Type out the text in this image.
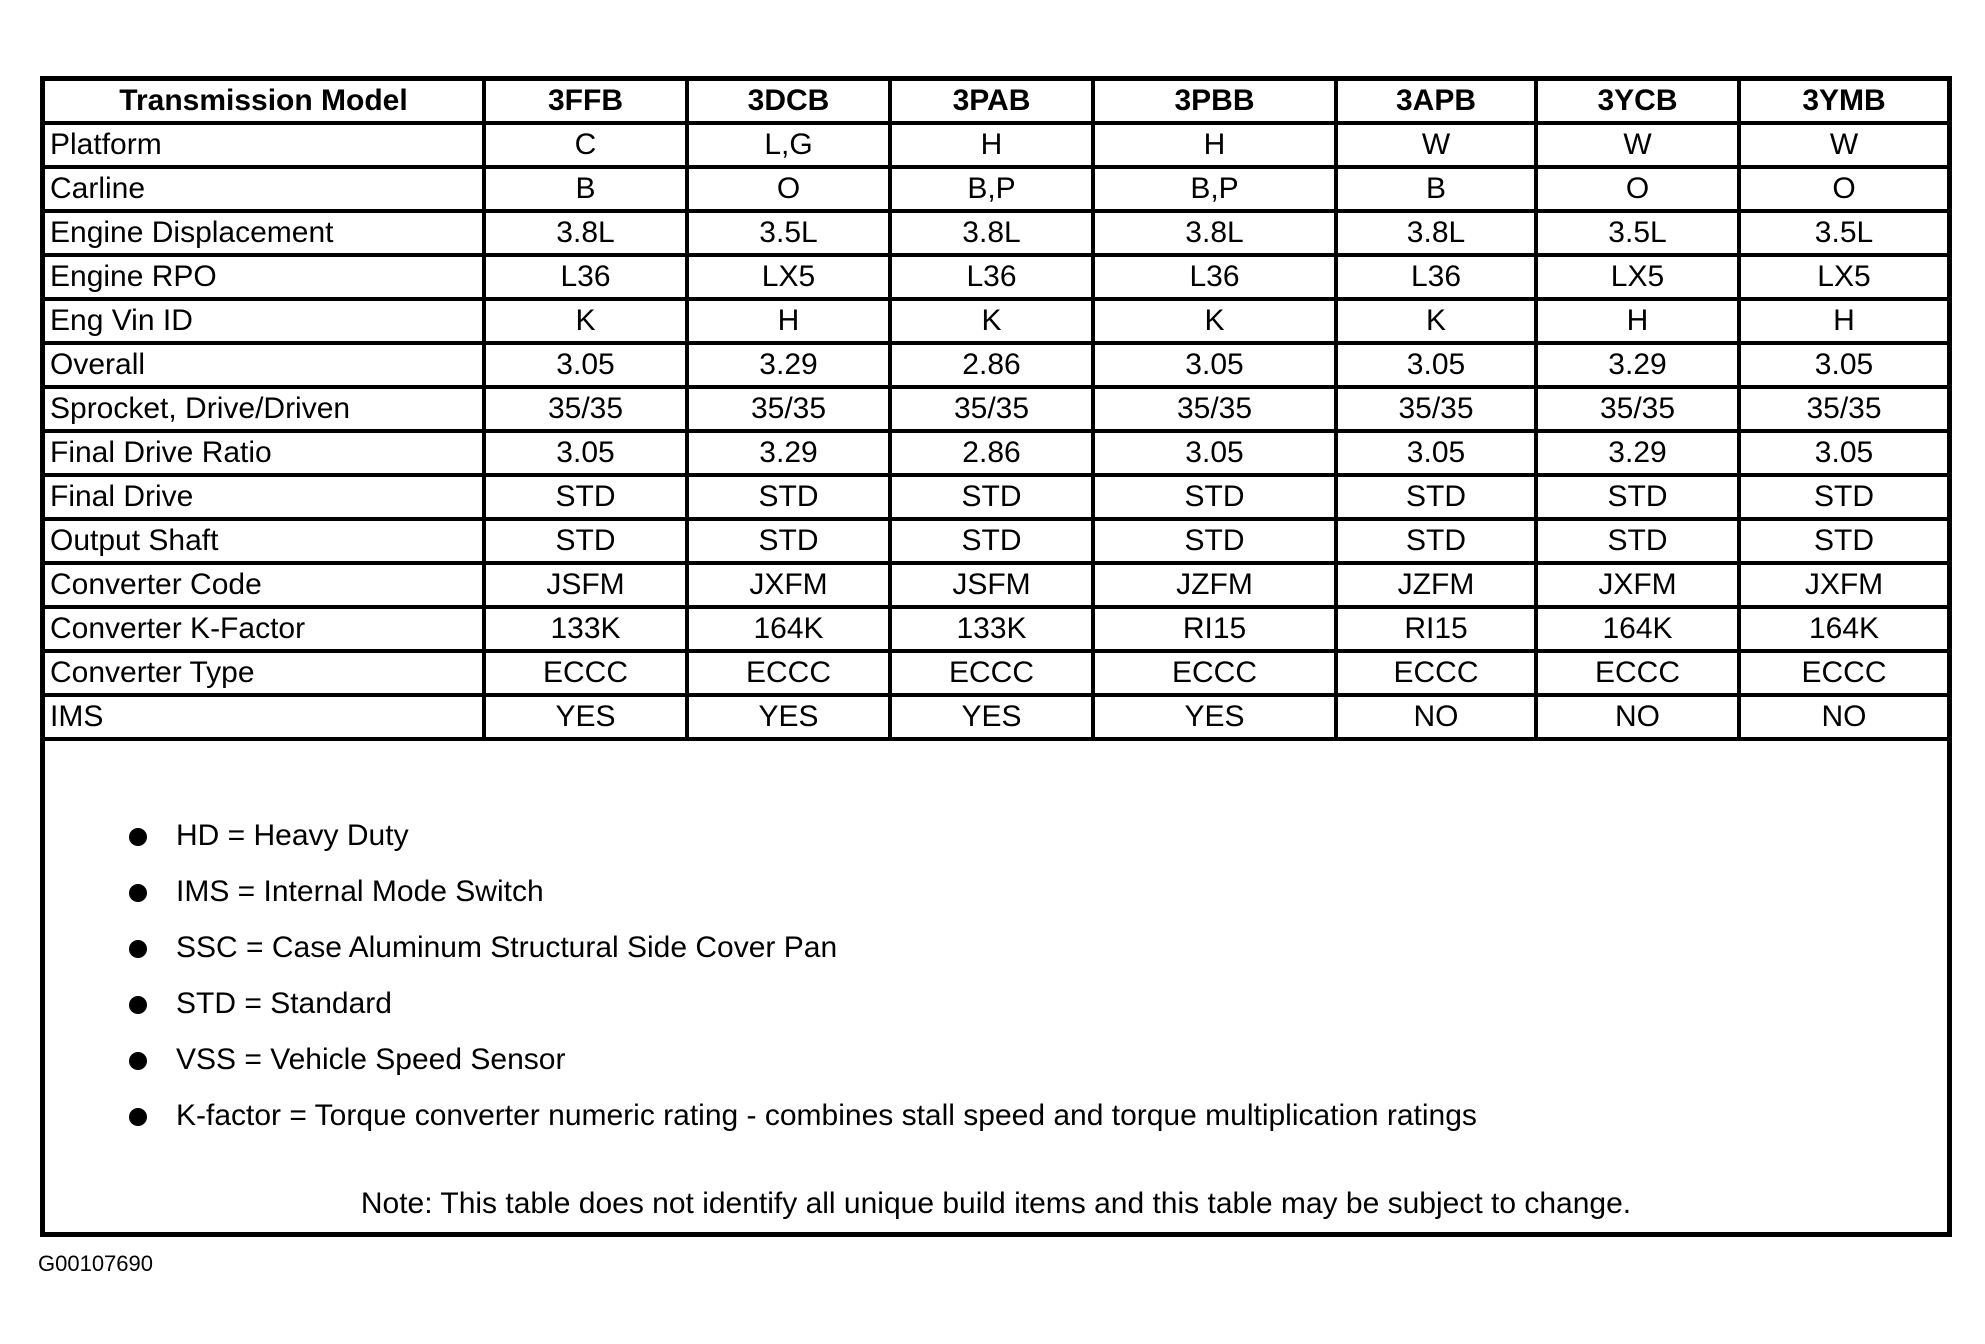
Transmission Model	3FFB	3DCB	3PAB	3PBB	3APB	3YCB	3YMB
Platform	C	L,G	H	H	W	W	W
Carline	B	O	B,P	B,P	B	O	O
Engine Displacement	3.8L	3.5L	3.8L	3.8L	3.8L	3.5L	3.5L
Engine RPO	L36	LX5	L36	L36	L36	LX5	LX5
Eng Vin ID	K	H	K	K	K	H	H
Overall	3.05	3.29	2.86	3.05	3.05	3.29	3.05
Sprocket, Drive/Driven	35/35	35/35	35/35	35/35	35/35	35/35	35/35
Final Drive Ratio	3.05	3.29	2.86	3.05	3.05	3.29	3.05
Final Drive	STD	STD	STD	STD	STD	STD	STD
Output Shaft	STD	STD	STD	STD	STD	STD	STD
Converter Code	JSFM	JXFM	JSFM	JZFM	JZFM	JXFM	JXFM
Converter K-Factor	133K	164K	133K	RI15	RI15	164K	164K
Converter Type	ECCC	ECCC	ECCC	ECCC	ECCC	ECCC	ECCC
IMS	YES	YES	YES	YES	NO	NO	NO
HD = Heavy Duty
IMS = Internal Mode Switch
SSC = Case Aluminum Structural Side Cover Pan
STD = Standard
VSS = Vehicle Speed Sensor
K-factor = Torque converter numeric rating - combines stall speed and torque multiplication ratings
Note: This table does not identify all unique build items and this table may be subject to change.
G00107690
